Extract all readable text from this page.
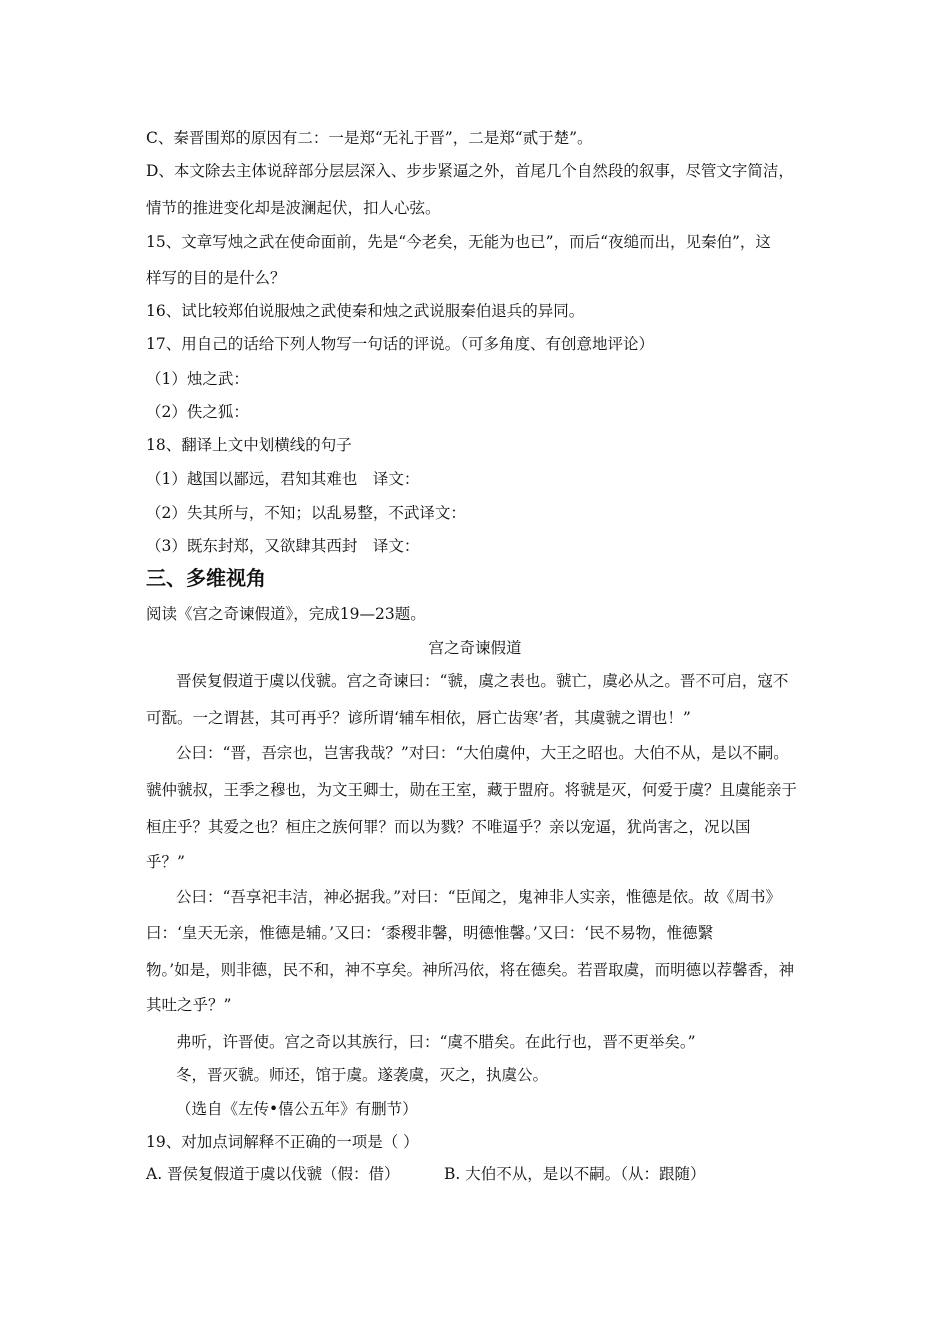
C、秦晋围郑的原因有二：一是郑“无礼于晋”，二是郑“贰于楚”。
D、本文除去主体说辞部分层层深入、步步紧逼之外，首尾几个自然段的叙事，尽管文字简洁，
情节的推进变化却是波澜起伏，扣人心弦。
15、文章写烛之武在使命面前，先是“今老矣，无能为也已”，而后“夜缒而出，见秦伯”，这
样写的目的是什么？
16、试比较郑伯说服烛之武使秦和烛之武说服秦伯退兵的异同。
17、用自己的话给下列人物写一句话的评说。（可多角度、有创意地评论）
（1）烛之武：
（2）佚之狐：
18、翻译上文中划横线的句子
（1）越国以鄙远，君知其难也　译文：
（2）失其所与，不知；以乱易整，不武译文：
（3）既东封郑，又欲肆其西封　译文：
三、多维视角
阅读《宫之奇谏假道》，完成19—23题。
宫之奇谏假道
晋侯复假道于虞以伐虢。宫之奇谏曰：“虢，虞之表也。虢亡，虞必从之。晋不可启，寇不
可翫。一之谓甚，其可再乎？谚所谓‘辅车相依，唇亡齿寒’者，其虞虢之谓也！”
公曰：“晋，吾宗也，岂害我哉？”对曰：“大伯虞仲，大王之昭也。大伯不从，是以不嗣。
虢仲虢叔，王季之穆也，为文王卿士，勋在王室，藏于盟府。将虢是灭，何爱于虞？且虞能亲于
桓庄乎？其爱之也？桓庄之族何罪？而以为戮？不唯逼乎？亲以宠逼，犹尚害之，况以国
乎？”
公曰：“吾享祀丰洁，神必据我。”对曰：“臣闻之，鬼神非人实亲，惟德是依。故《周书》
曰：‘皇天无亲，惟德是辅。’又曰：‘黍稷非馨，明德惟馨。’又曰：‘民不易物，惟德繄
物。’如是，则非德，民不和，神不享矣。神所冯依，将在德矣。若晋取虞，而明德以荐馨香，神
其吐之乎？”
弗听，许晋使。宫之奇以其族行，曰：“虞不腊矣。在此行也，晋不更举矣。”
冬，晋灭虢。师还，馆于虞。遂袭虞，灭之，执虞公。
（选自《左传•僖公五年》有删节）
19、对加点词解释不正确的一项是（ ）
A. 晋侯复假道于虞以伐虢（假：借）	B. 大伯不从，是以不嗣。（从：跟随）
